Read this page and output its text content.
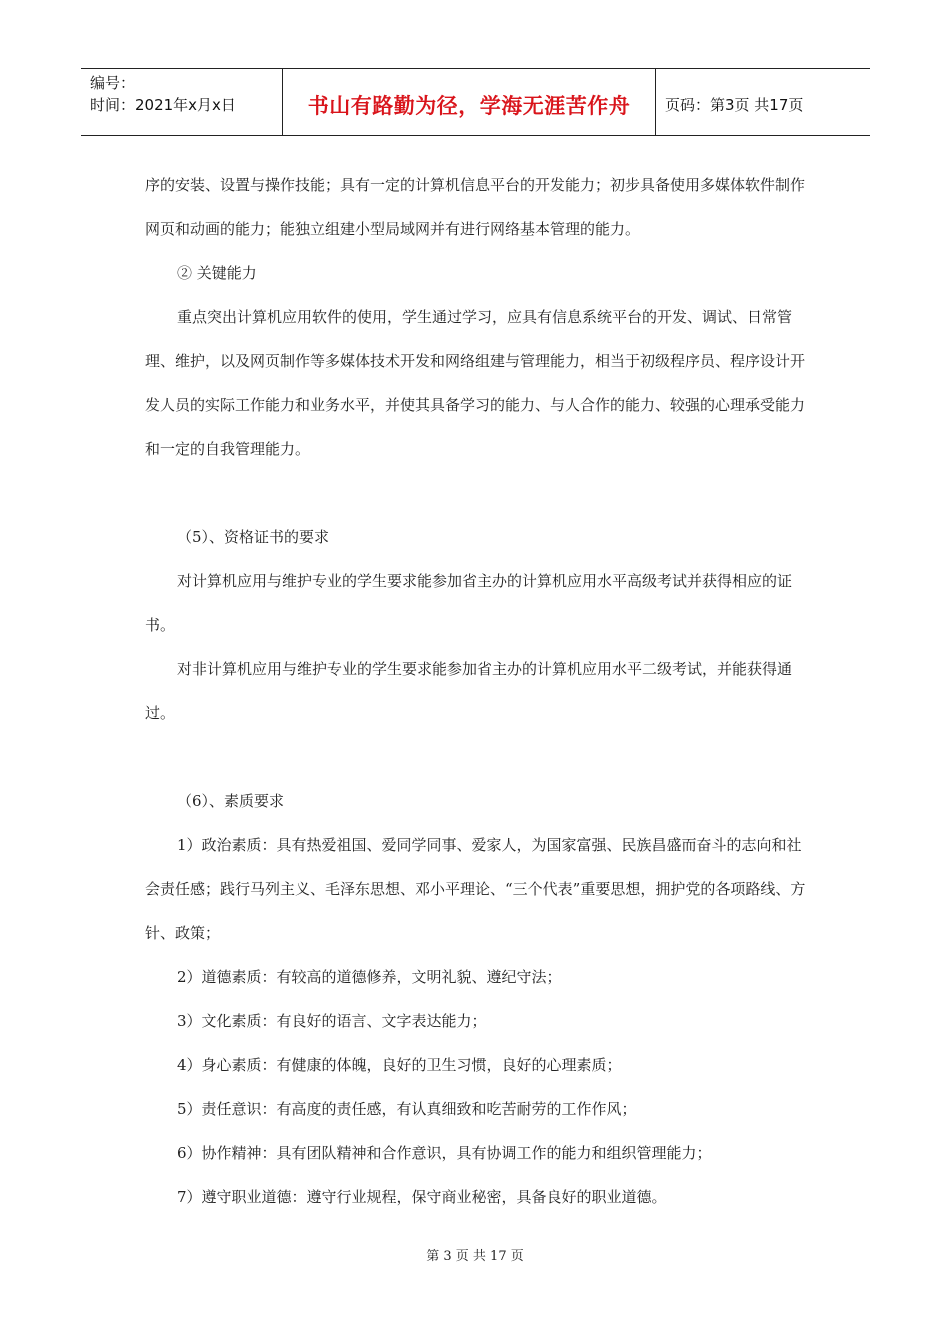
编号：
时间：2021年x月x日	书山有路勤为径，学海无涯苦作舟	页码：第3页 共17页

序的安装、设置与操作技能；具有一定的计算机信息平台的开发能力；初步具备使用多媒体软件制作网页和动画的能力；能独立组建小型局域网并有进行网络基本管理的能力。

② 关键能力

重点突出计算机应用软件的使用，学生通过学习，应具有信息系统平台的开发、调试、日常管理、维护，以及网页制作等多媒体技术开发和网络组建与管理能力，相当于初级程序员、程序设计开发人员的实际工作能力和业务水平，并使其具备学习的能力、与人合作的能力、较强的心理承受能力和一定的自我管理能力。

（5）、资格证书的要求

对计算机应用与维护专业的学生要求能参加省主办的计算机应用水平高级考试并获得相应的证书。

对非计算机应用与维护专业的学生要求能参加省主办的计算机应用水平二级考试，并能获得通过。

（6）、素质要求

1）政治素质：具有热爱祖国、爱同学同事、爱家人，为国家富强、民族昌盛而奋斗的志向和社会责任感；践行马列主义、毛泽东思想、邓小平理论、“三个代表”重要思想，拥护党的各项路线、方针、政策；

2）道德素质：有较高的道德修养，文明礼貌、遵纪守法；

3）文化素质：有良好的语言、文字表达能力；

4）身心素质：有健康的体魄，良好的卫生习惯，良好的心理素质；

5）责任意识：有高度的责任感，有认真细致和吃苦耐劳的工作作风；

6）协作精神：具有团队精神和合作意识，具有协调工作的能力和组织管理能力；

7）遵守职业道德：遵守行业规程，保守商业秘密，具备良好的职业道德。

第 3 页 共 17 页
